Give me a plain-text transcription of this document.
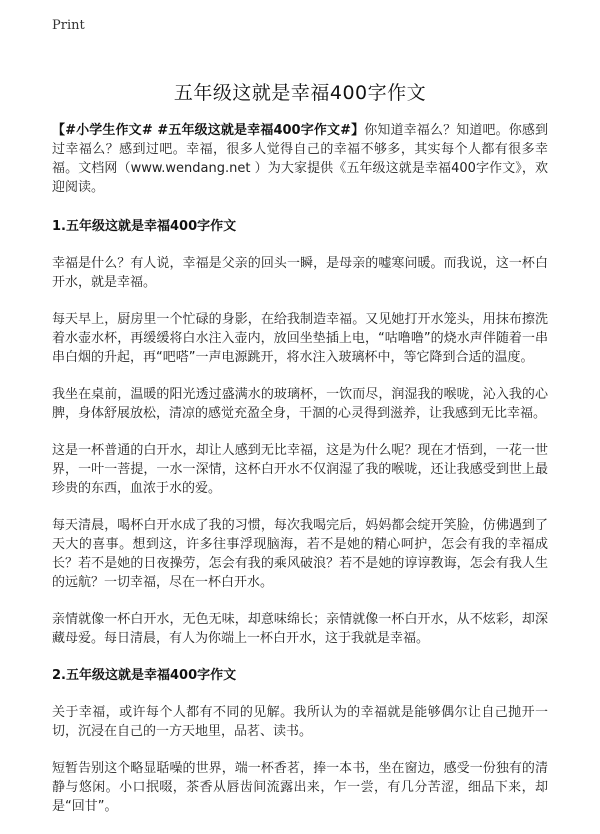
Print
五年级这就是幸福400字作文

【#小学生作文# #五年级这就是幸福400字作文#】你知道幸福么？知道吧。你感到过幸福么？感到过吧。幸福，很多人觉得自己的幸福不够多，其实每个人都有很多幸福。文档网（www.wendang.net ）为大家提供《五年级这就是幸福400字作文》，欢迎阅读。

1.五年级这就是幸福400字作文

幸福是什么？有人说，幸福是父亲的回头一瞬，是母亲的嘘寒问暖。而我说，这一杯白开水，就是幸福。

每天早上，厨房里一个忙碌的身影，在给我制造幸福。又见她打开水笼头，用抹布擦洗着水壶水杯，再缓缓将白水注入壶内，放回坐垫插上电，“咕噜噜”的烧水声伴随着一串串白烟的升起，再“吧嗒”一声电源跳开，将水注入玻璃杯中，等它降到合适的温度。

我坐在桌前，温暖的阳光透过盛满水的玻璃杯，一饮而尽，润湿我的喉咙，沁入我的心脾，身体舒展放松，清凉的感觉充盈全身，干涸的心灵得到滋养，让我感到无比幸福。

这是一杯普通的白开水，却让人感到无比幸福，这是为什么呢？现在才悟到，一花一世界，一叶一菩提，一水一深情，这杯白开水不仅润湿了我的喉咙，还让我感受到世上最珍贵的东西，血浓于水的爱。

每天清晨，喝杯白开水成了我的习惯，每次我喝完后，妈妈都会绽开笑脸，仿佛遇到了天大的喜事。想到这，许多往事浮现脑海，若不是她的精心呵护，怎会有我的幸福成长？若不是她的日夜操劳，怎会有我的乘风破浪？若不是她的谆谆教诲，怎会有我人生的远航？一切幸福，尽在一杯白开水。

亲情就像一杯白开水，无色无味，却意味绵长；亲情就像一杯白开水，从不炫彩，却深藏母爱。每日清晨，有人为你端上一杯白开水，这于我就是幸福。

2.五年级这就是幸福400字作文

关于幸福，或许每个人都有不同的见解。我所认为的幸福就是能够偶尔让自己抛开一切，沉浸在自己的一方天地里，品茗、读书。

短暂告别这个略显聒噪的世界，端一杯香茗，捧一本书，坐在窗边，感受一份独有的清静与悠闲。小口抿啜，茶香从唇齿间流露出来，乍一尝，有几分苦涩，细品下来，却是“回甘”。
